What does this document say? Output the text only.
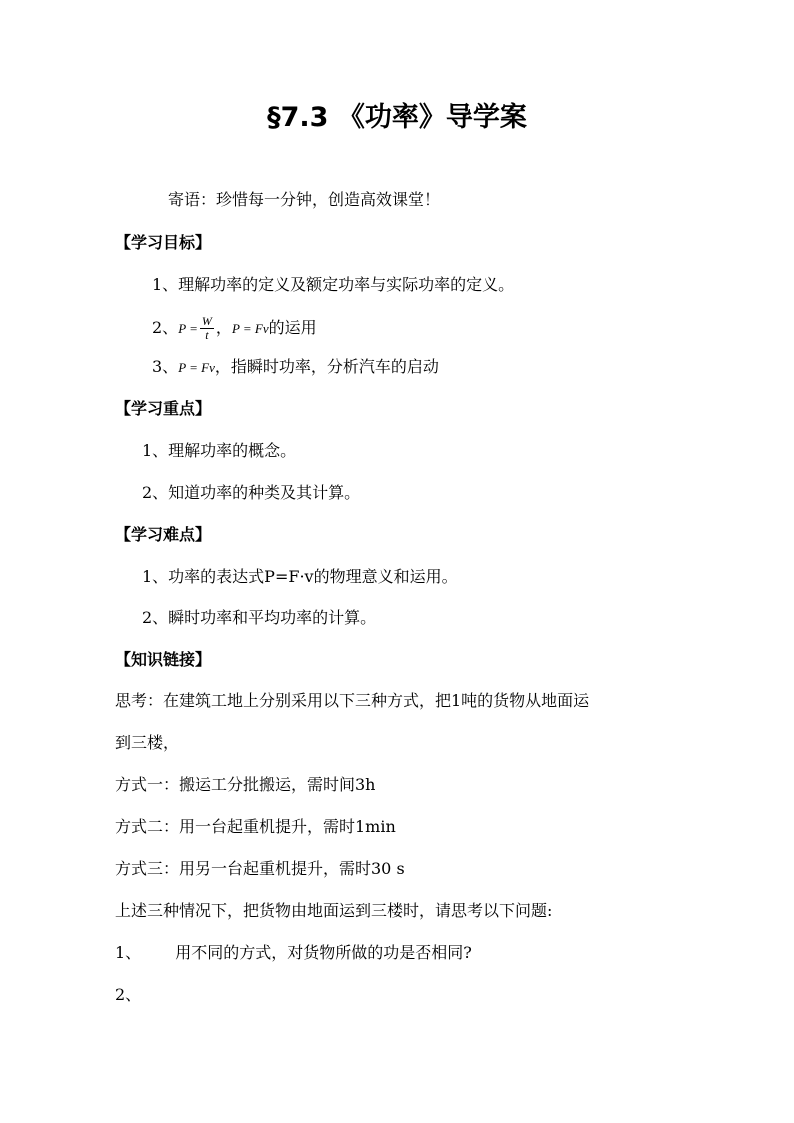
§7.3 《功率》导学案
寄语：珍惜每一分钟，创造高效课堂！
【学习目标】
1、理解功率的定义及额定功率与实际功率的定义。
2、$P = \frac{W}{t}$ ，P = Fv的运用
3、P = Fv，指瞬时功率，分析汽车的启动
【学习重点】
1、理解功率的概念。
2、知道功率的种类及其计算。
【学习难点】
1、功率的表达式P=F·v的物理意义和运用。
2、瞬时功率和平均功率的计算。
【知识链接】
思考：在建筑工地上分别采用以下三种方式，把1吨的货物从地面运
到三楼，
方式一：搬运工分批搬运，需时间3h
方式二：用一台起重机提升，需时1min
方式三：用另一台起重机提升，需时30 s
上述三种情况下，把货物由地面运到三楼时，请思考以下问题:
1、 用不同的方式，对货物所做的功是否相同?
2、
